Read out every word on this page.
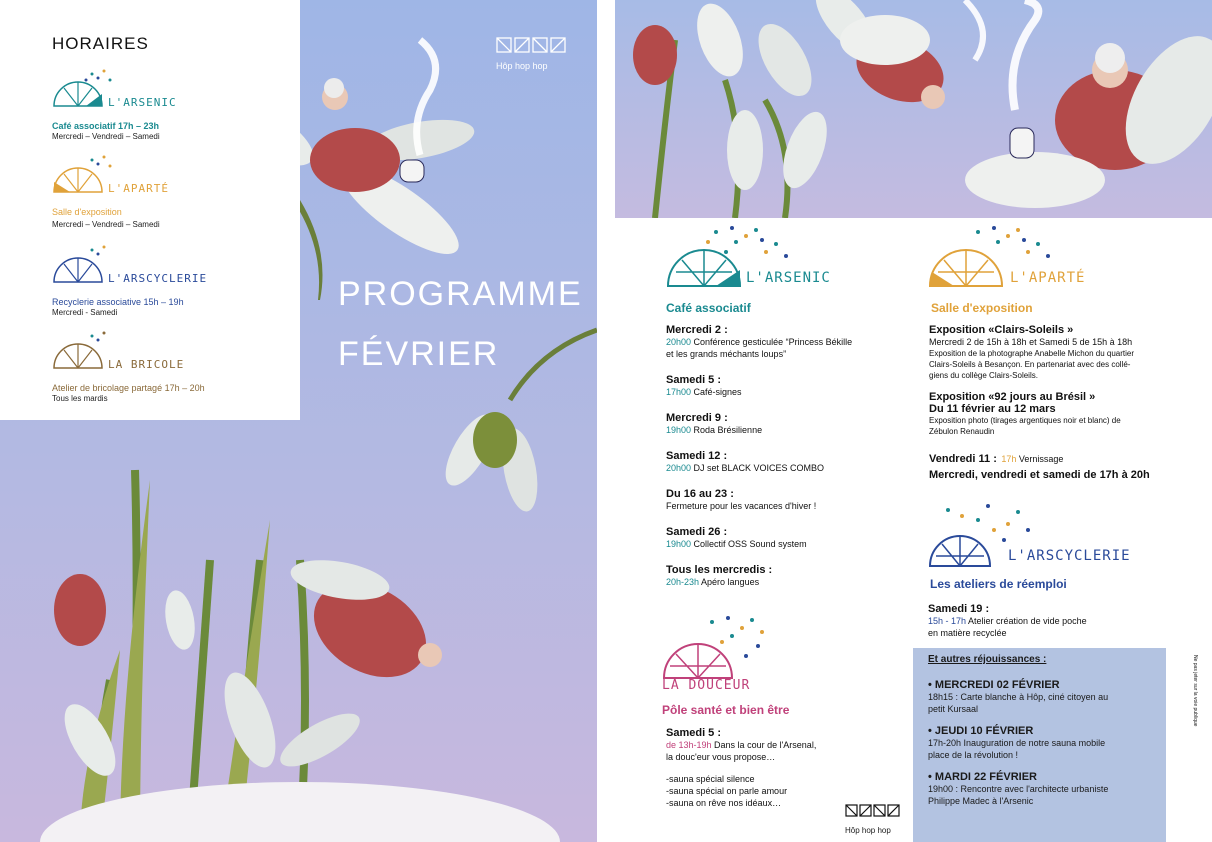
HORAIRES
L'ARSENIC
Café associatif 17h – 23h
Mercredi – Vendredi – Samedi
L'APARTÉ
Salle d'exposition
Mercredi – Vendredi – Samedi
L'ARSCYCLERIE
Recyclerie associative 15h – 19h
Mercredi - Samedi
LA BRICOLE
Atelier de bricolage partagé 17h – 20h
Tous les mardis
Hôp hop hop
PROGRAMME
FÉVRIER
L'ARSENIC
Café associatif
Mercredi 2 :
20h00 Conférence gesticulée “Princess Békille
et les grands méchants loups”
Samedi 5 :
17h00 Café-signes
Mercredi 9 :
19h00 Roda Brésilienne
Samedi 12 :
20h00 DJ set BLACK VOICES COMBO
Du 16 au 23 :
Fermeture pour les vacances d'hiver !
Samedi 26 :
19h00 Collectif OSS Sound system
Tous les mercredis :
20h-23h Apéro langues
LA DOUCEUR
Pôle santé et bien être
Samedi 5 :
de 13h-19h Dans la cour de l'Arsenal,
la douc'eur vous propose…
-sauna spécial silence
-sauna spécial on parle amour
-sauna on rêve nos idéaux…
Hôp hop hop
L'APARTÉ
Salle d'exposition
Exposition «Clairs-Soleils »
Mercredi 2 de 15h à 18h et Samedi 5 de 15h à 18h
Exposition de la photographe Anabelle Michon du quartier
Clairs-Soleils à Besançon. En partenariat avec des collé-
giens du collège Clairs-Soleils.
Exposition «92 jours au Brésil »
Du 11 février au 12 mars
Exposition photo (tirages argentiques noir et blanc) de
Zébulon Renaudin
Vendredi 11 : 17h Vernissage
Mercredi, vendredi et samedi de 17h à 20h
L'ARSCYCLERIE
Les ateliers de réemploi
Samedi 19 :
15h - 17h Atelier création de vide poche
en matière recyclée
Et autres réjouissances :
• MERCREDI 02 FÉVRIER
18h15 : Carte blanche à Hôp, ciné citoyen au
petit Kursaal
• JEUDI 10 FÉVRIER
17h-20h Inauguration de notre sauna mobile
place de la révolution !
• MARDI 22 FÉVRIER
19h00 : Rencontre avec l'architecte urbaniste
Philippe Madec à l'Arsenic
Ne pas jeter sur la voie publique
